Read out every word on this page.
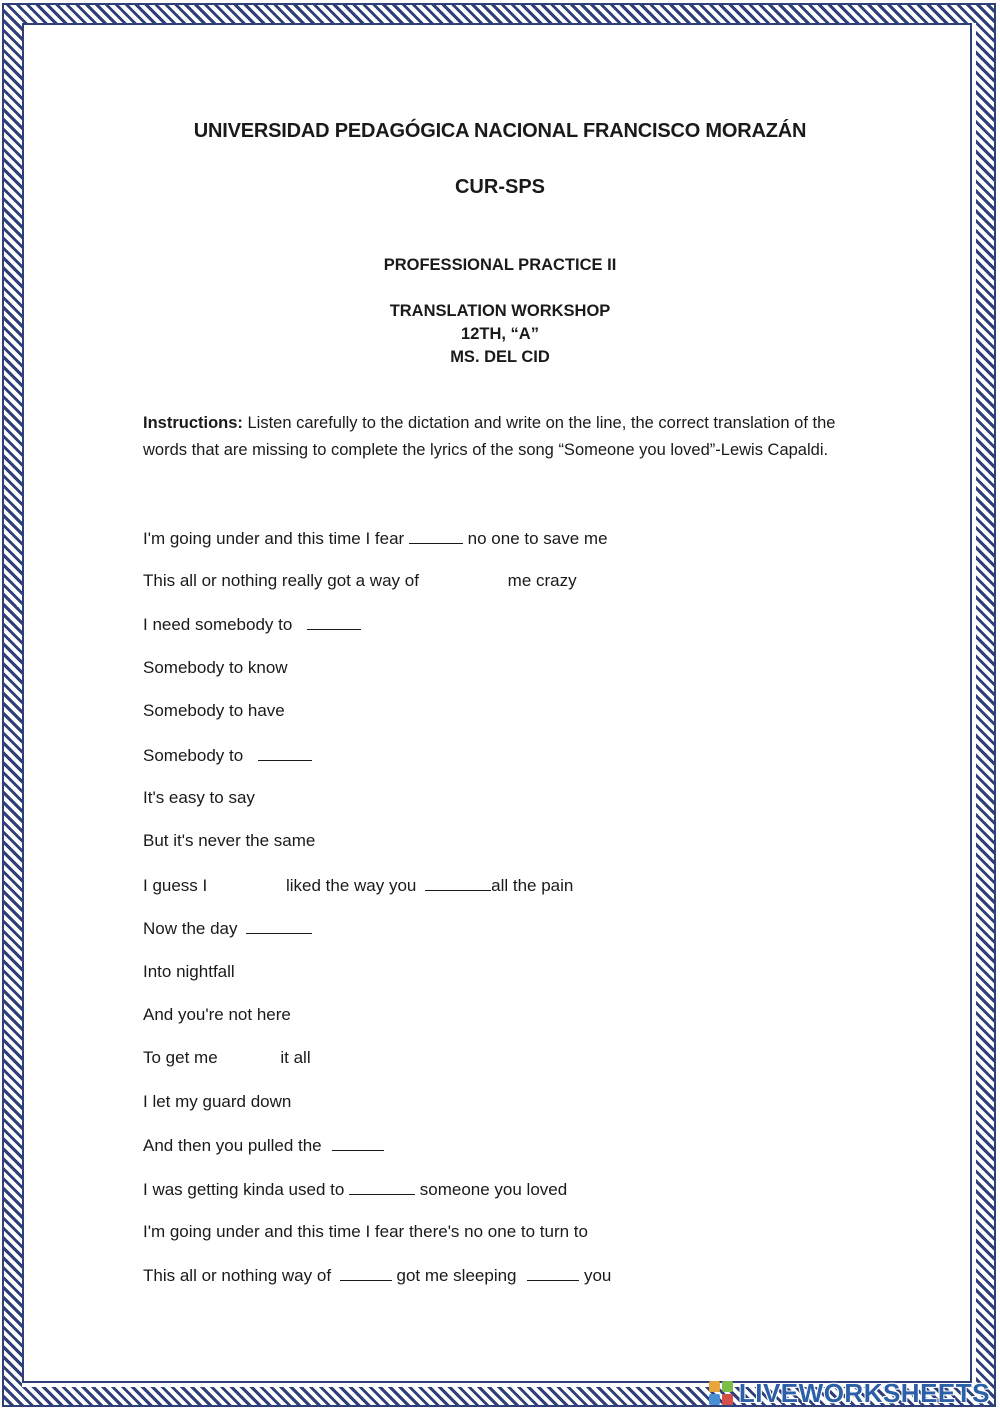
UNIVERSIDAD PEDAGÓGICA NACIONAL FRANCISCO MORAZÁN
CUR-SPS
PROFESSIONAL PRACTICE II
TRANSLATION WORKSHOP
12TH, “A”
MS. DEL CID
Instructions: Listen carefully to the dictation and write on the line, the correct translation of the words that are missing to complete the lyrics of the song “Someone you loved”-Lewis Capaldi.
I'm going under and this time I fear	no one to save me
This all or nothing really got a way of	me crazy
I need somebody to
Somebody to know
Somebody to have
Somebody to
It's easy to say
But it's never the same
I guess I	liked the way you	all the pain
Now the day
Into nightfall
And you're not here
To get me	it all
I let my guard down
And then you pulled the
I was getting kinda used to	someone you loved
I'm going under and this time I fear there's no one to turn to
This all or nothing way of	got me sleeping	you
LIVEWORKSHEETS
